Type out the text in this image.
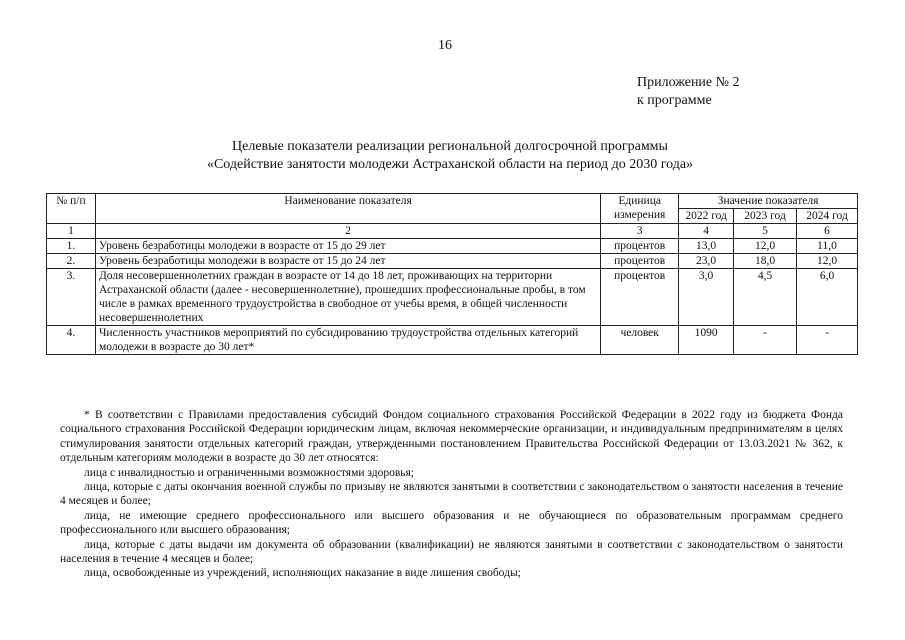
16
Приложение № 2
к программе
Целевые показатели реализации региональной долгосрочной программы
«Содействие занятости молодежи Астраханской области на период до 2030 года»
№ п/п	Наименование показателя	Единица измерения	Значение показателя		
			2022 год	2023 год	2024 год
1	2	3	4	5	6
1.	Уровень безработицы молодежи в возрасте от 15 до 29 лет	процентов	13,0	12,0	11,0
2.	Уровень безработицы молодежи в возрасте от 15 до 24 лет	процентов	23,0	18,0	12,0
3.	Доля несовершеннолетних граждан в возрасте от 14 до 18 лет, проживающих на территории Астраханской области (далее - несовершеннолетние), прошедших профессиональные пробы, в том числе в рамках временного трудоустройства в свободное от учебы время, в общей численности несовершеннолетних	процентов	3,0	4,5	6,0
4.	Численность участников мероприятий по субсидированию трудоустройства отдельных категорий молодежи в возрасте до 30 лет*	человек	1090	-	-

* В соответствии с Правилами предоставления субсидий Фондом социального страхования Российской Федерации в 2022 году из бюджета Фонда социального страхования Российской Федерации юридическим лицам, включая некоммерческие организации, и индивидуальным предпринимателям в целях стимулирования занятости отдельных категорий граждан, утвержденными постановлением Правительства Российской Федерации от 13.03.2021 № 362, к отдельным категориям молодежи в возрасте до 30 лет относятся:

лица с инвалидностью и ограниченными возможностями здоровья;

лица, которые с даты окончания военной службы по призыву не являются занятыми в соответствии с законодательством о занятости населения в течение 4 месяцев и более;

лица, не имеющие среднего профессионального или высшего образования и не обучающиеся по образовательным программам среднего профессионального или высшего образования;

лица, которые с даты выдачи им документа об образовании (квалификации) не являются занятыми в соответствии с законодательством о занятости населения в течение 4 месяцев и более;

лица, освобожденные из учреждений, исполняющих наказание в виде лишения свободы;
